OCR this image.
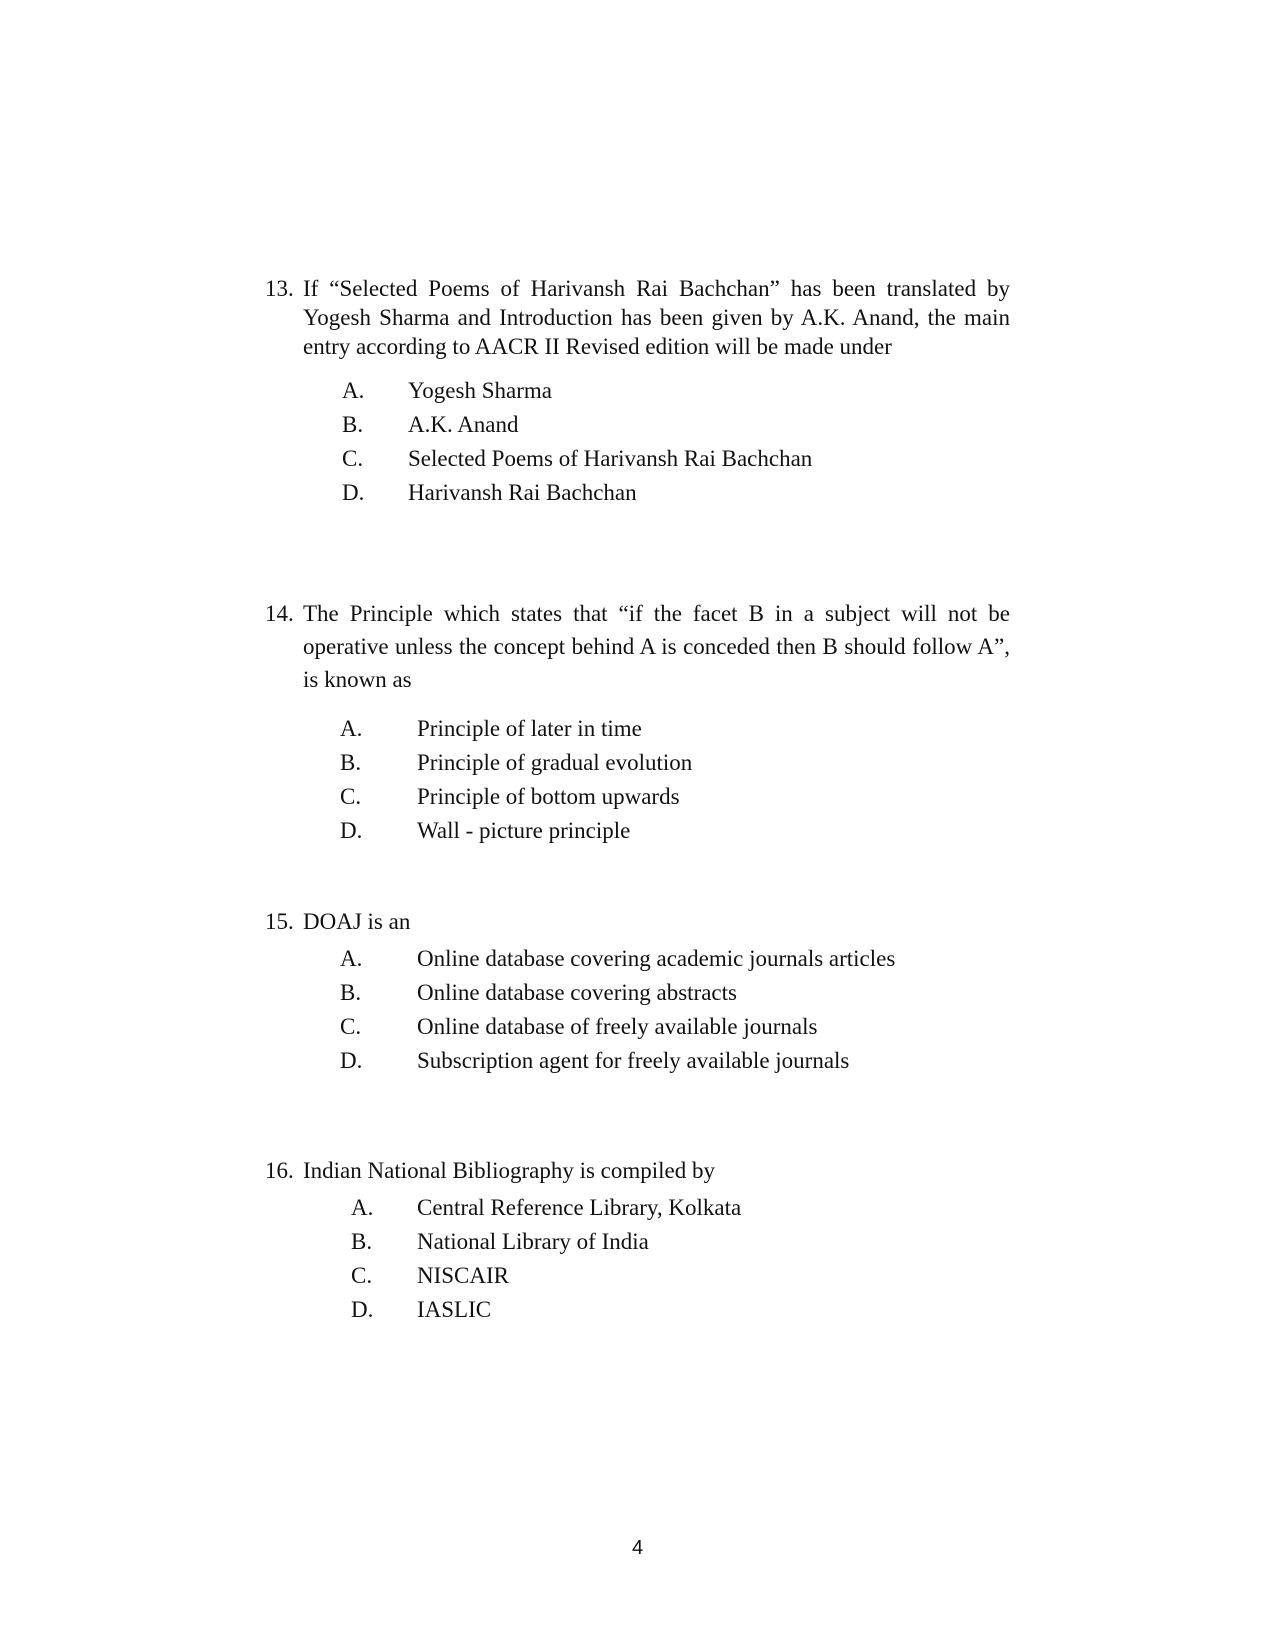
13. If “Selected Poems of Harivansh Rai Bachchan” has been translated by Yogesh Sharma and Introduction has been given by A.K. Anand, the main entry according to AACR II Revised edition will be made under
A. Yogesh Sharma
B. A.K. Anand
C. Selected Poems of Harivansh Rai Bachchan
D. Harivansh Rai Bachchan
14. The Principle which states that “if the facet B in a subject will not be operative unless the concept behind A is conceded then B should follow A”, is known as
A. Principle of later in time
B. Principle of gradual evolution
C. Principle of bottom upwards
D. Wall - picture principle
15. DOAJ is an
A. Online database covering academic journals articles
B. Online database covering abstracts
C. Online database of freely available journals
D. Subscription agent for freely available journals
16. Indian National Bibliography is compiled by
A. Central Reference Library, Kolkata
B. National Library of India
C. NISCAIR
D. IASLIC
4
